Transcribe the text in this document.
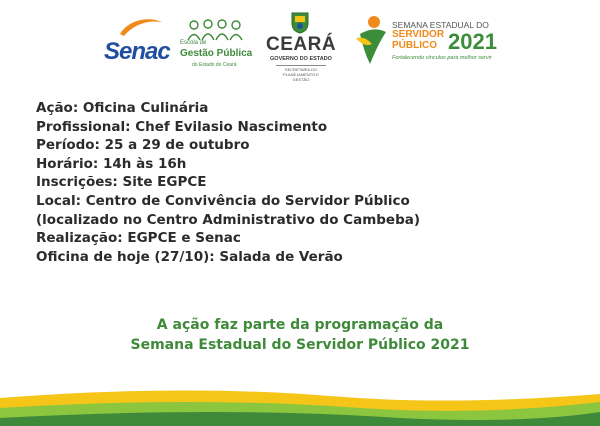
Senac Escola de
Gestão Pública
do Estado do Ceará
CEARÁ
GOVERNO DO ESTADO
SECRETARIA DO PLANEJAMENTO E GESTÃO
SEMANA ESTADUAL DO
SERVIDOR
PÚBLICO 2021
Fortalecendo vínculos para melhor servir
Ação: Oficina Culinária
Profissional: Chef Evilasio Nascimento
Período: 25 a 29 de outubro
Horário: 14h às 16h
Inscrições: Site EGPCE
Local: Centro de Convivência do Servidor Público
(localizado no Centro Administrativo do Cambeba)
Realização: EGPCE e Senac
Oficina de hoje (27/10): Salada de Verão
A ação faz parte da programação da
Semana Estadual do Servidor Público 2021
